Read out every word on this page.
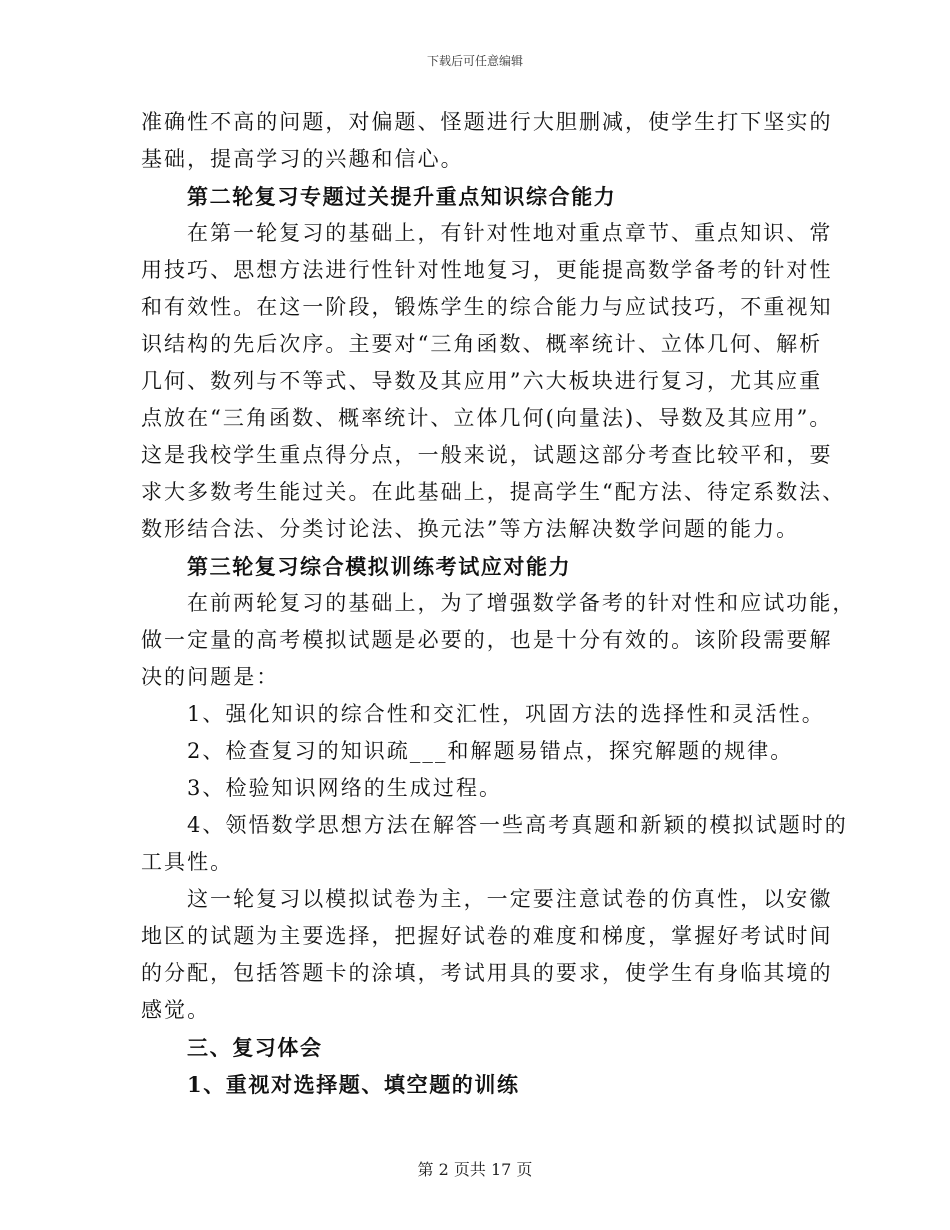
下载后可任意编辑
准确性不高的问题，对偏题、怪题进行大胆删减，使学生打下坚实的
基础，提高学习的兴趣和信心。
第二轮复习专题过关提升重点知识综合能力
在第一轮复习的基础上，有针对性地对重点章节、重点知识、常
用技巧、思想方法进行性针对性地复习，更能提高数学备考的针对性
和有效性。在这一阶段，锻炼学生的综合能力与应试技巧，不重视知
识结构的先后次序。主要对“三角函数、概率统计、立体几何、解析
几何、数列与不等式、导数及其应用”六大板块进行复习，尤其应重
点放在“三角函数、概率统计、立体几何(向量法)、导数及其应用”。
这是我校学生重点得分点，一般来说，试题这部分考查比较平和，要
求大多数考生能过关。在此基础上，提高学生“配方法、待定系数法、
数形结合法、分类讨论法、换元法”等方法解决数学问题的能力。
第三轮复习综合模拟训练考试应对能力
在前两轮复习的基础上，为了增强数学备考的针对性和应试功能，
做一定量的高考模拟试题是必要的，也是十分有效的。该阶段需要解
决的问题是：
1、强化知识的综合性和交汇性，巩固方法的选择性和灵活性。
2、检查复习的知识疏___和解题易错点，探究解题的规律。
3、检验知识网络的生成过程。
4、领悟数学思想方法在解答一些高考真题和新颖的模拟试题时的
工具性。
这一轮复习以模拟试卷为主，一定要注意试卷的仿真性，以安徽
地区的试题为主要选择，把握好试卷的难度和梯度，掌握好考试时间
的分配，包括答题卡的涂填，考试用具的要求，使学生有身临其境的
感觉。
三、复习体会
1、重视对选择题、填空题的训练
第 2 页共 17 页
